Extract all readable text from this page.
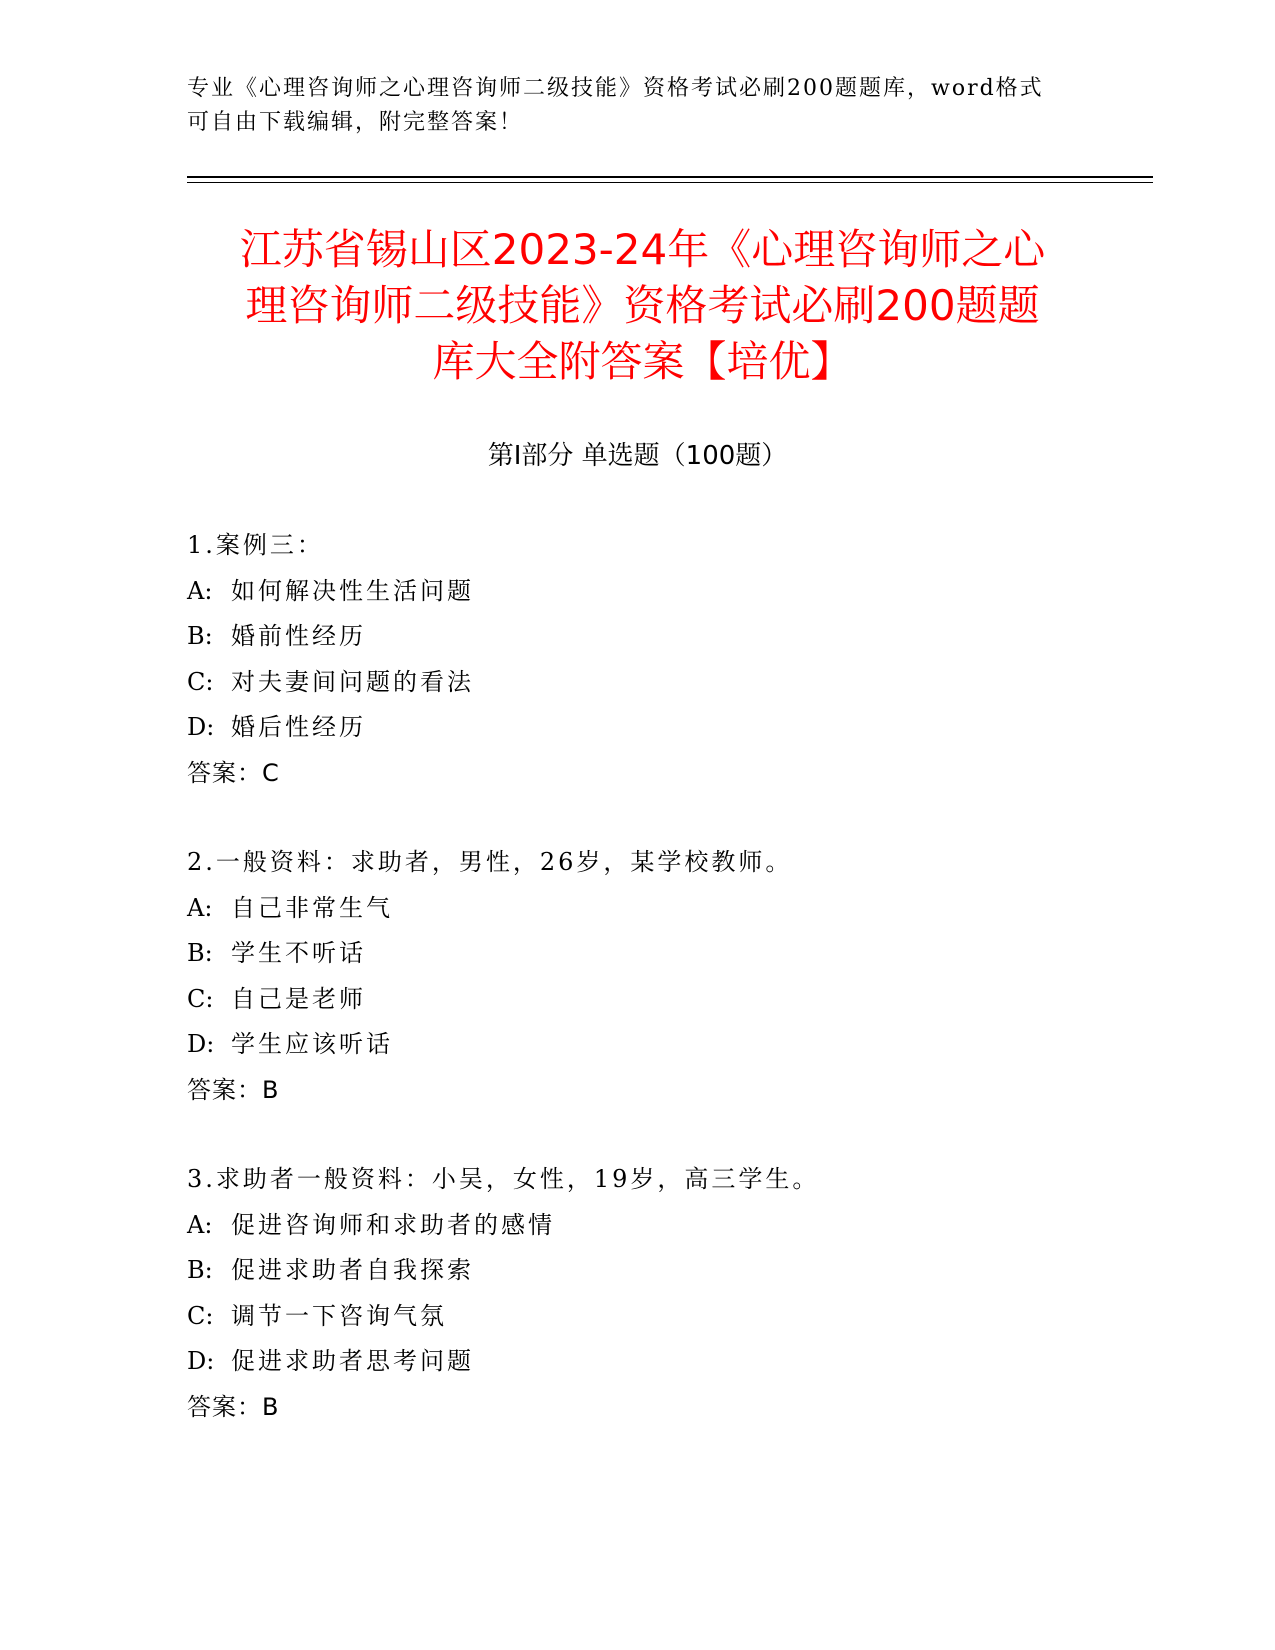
专业《心理咨询师之心理咨询师二级技能》资格考试必刷200题题库，word格式
可自由下载编辑，附完整答案！
江苏省锡山区2023-24年《心理咨询师之心
理咨询师二级技能》资格考试必刷200题题
库大全附答案【培优】
第Ⅰ部分 单选题（100题）
1.案例三：
A: 如何解决性生活问题
B: 婚前性经历
C: 对夫妻间问题的看法
D: 婚后性经历
答案：C
2.一般资料：求助者，男性，26岁，某学校教师。
A: 自己非常生气
B: 学生不听话
C: 自己是老师
D: 学生应该听话
答案：B
3.求助者一般资料：小吴，女性，19岁，高三学生。
A: 促进咨询师和求助者的感情
B: 促进求助者自我探索
C: 调节一下咨询气氛
D: 促进求助者思考问题
答案：B
